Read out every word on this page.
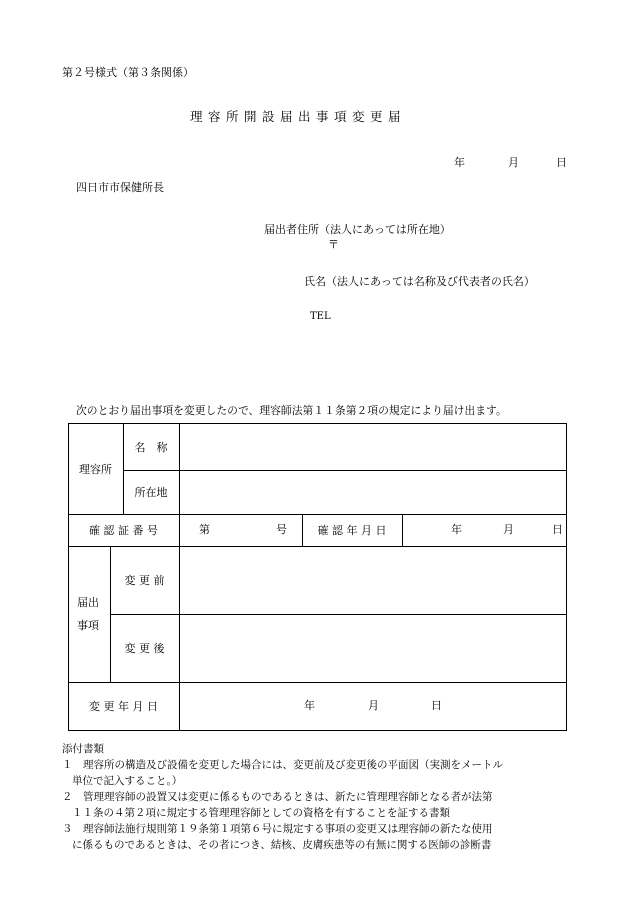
第２号様式（第３条関係）
理容所開設届出事項変更届
年	月	日
四日市市保健所長
届出者住所（法人にあっては所在地）
〒
氏名（法人にあっては名称及び代表者の氏名）
TEL
次のとおり届出事項を変更したので、理容師法第１１条第２項の規定により届け出ます。
理容所
名　称
所在地
確 認 証 番 号	第	号	確 認 年 月 日	年	月	日
届出
事項
変 更 前
変 更 後
変 更 年 月 日	年	月	日

添付書類

１　理容所の構造及び設備を変更した場合には、変更前及び変更後の平面図（実測をメートル

単位で記入すること。）

２　管理理容師の設置又は変更に係るものであるときは、新たに管理理容師となる者が法第

１１条の４第２項に規定する管理理容師としての資格を有することを証する書類

３　理容師法施行規則第１９条第１項第６号に規定する事項の変更又は理容師の新たな使用

に係るものであるときは、その者につき、結核、皮膚疾患等の有無に関する医師の診断書
